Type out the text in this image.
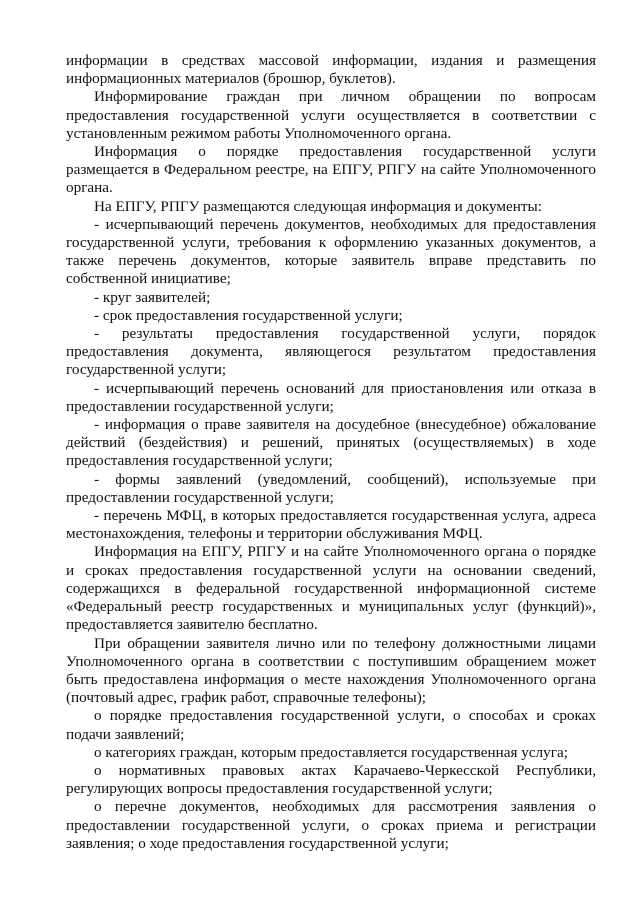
информации в средствах массовой информации, издания и размещения информационных материалов (брошюр, буклетов).

Информирование граждан при личном обращении по вопросам предоставления государственной услуги осуществляется в соответствии с установленным режимом работы Уполномоченного органа.

Информация о порядке предоставления государственной услуги размещается в Федеральном реестре, на ЕПГУ, РПГУ на сайте Уполномоченного органа.

На ЕПГУ, РПГУ размещаются следующая информация и документы:

- исчерпывающий перечень документов, необходимых для предоставления государственной услуги, требования к оформлению указанных документов, а также перечень документов, которые заявитель вправе представить по собственной инициативе;

- круг заявителей;

- срок предоставления государственной услуги;

- результаты предоставления государственной услуги, порядок предоставления документа, являющегося результатом предоставления государственной услуги;

- исчерпывающий перечень оснований для приостановления или отказа в предоставлении государственной услуги;

- информация о праве заявителя на досудебное (внесудебное) обжалование действий (бездействия) и решений, принятых (осуществляемых) в ходе предоставления государственной услуги;

- формы заявлений (уведомлений, сообщений), используемые при предоставлении государственной услуги;

- перечень МФЦ, в которых предоставляется государственная услуга, адреса местонахождения, телефоны и территории обслуживания МФЦ.

Информация на ЕПГУ, РПГУ и на сайте Уполномоченного органа о порядке и сроках предоставления государственной услуги на основании сведений, содержащихся в федеральной государственной информационной системе «Федеральный реестр государственных и муниципальных услуг (функций)», предоставляется заявителю бесплатно.

При обращении заявителя лично или по телефону должностными лицами Уполномоченного органа в соответствии с поступившим обращением может быть предоставлена информация о месте нахождения Уполномоченного органа (почтовый адрес, график работ, справочные телефоны);

о порядке предоставления государственной услуги, о способах и сроках подачи заявлений;

о категориях граждан, которым предоставляется государственная услуга;

о нормативных правовых актах Карачаево-Черкесской Республики, регулирующих вопросы предоставления государственной услуги;

о перечне документов, необходимых для рассмотрения заявления о предоставлении государственной услуги, о сроках приема и регистрации заявления; о ходе предоставления государственной услуги;
